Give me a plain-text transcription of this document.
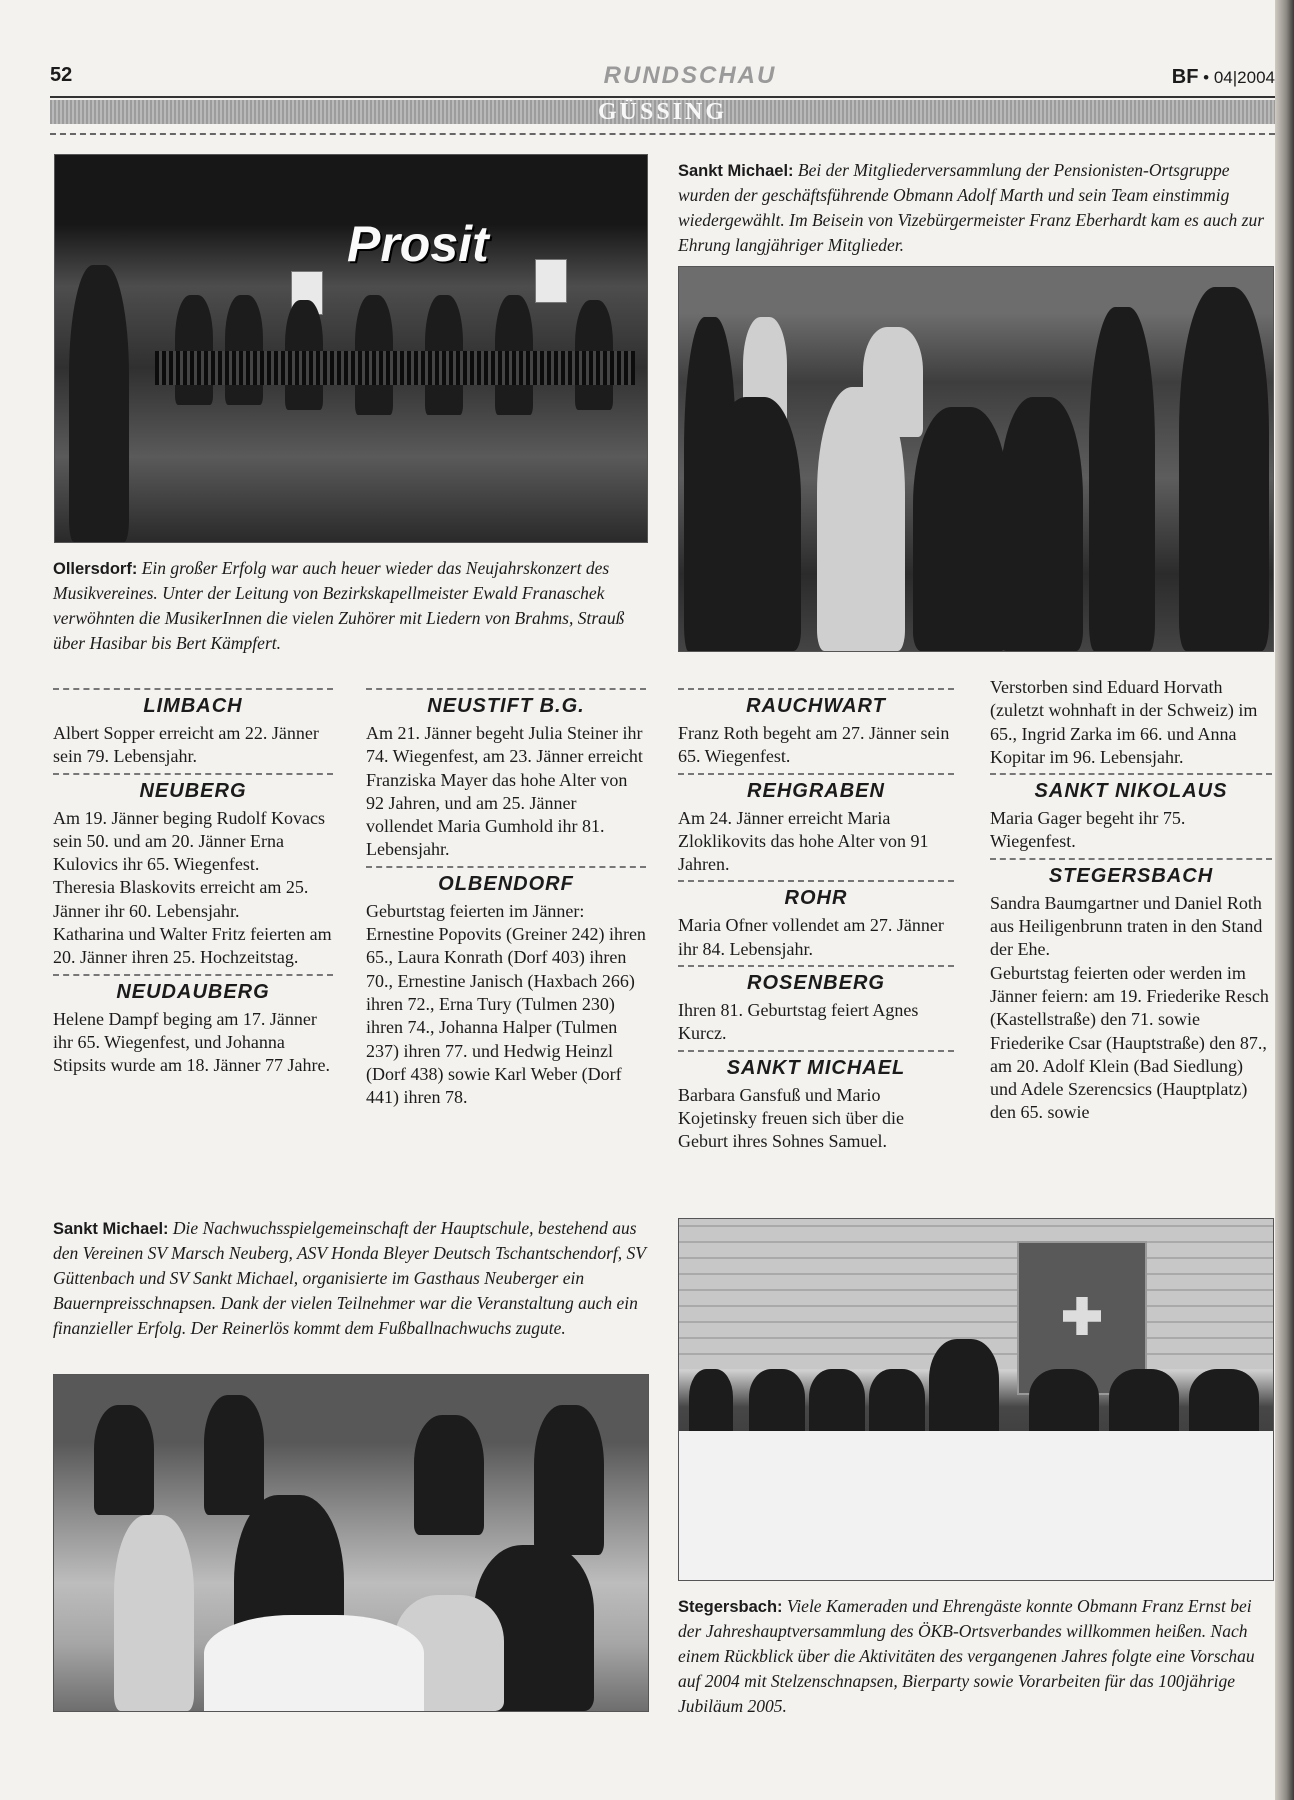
52	RUNDSCHAU	BF • 04|2004
GÜSSING
Prosit
Ollersdorf: Ein großer Erfolg war auch heuer wieder das Neujahrskonzert des Musikvereines. Unter der Leitung von Bezirkskapellmeister Ewald Franaschek verwöhnten die MusikerInnen die vielen Zuhörer mit Liedern von Brahms, Strauß über Hasibar bis Bert Kämpfert.
Sankt Michael: Bei der Mitgliederversammlung der Pensionisten-Ortsgruppe wurden der geschäftsführende Obmann Adolf Marth und sein Team einstimmig wiedergewählt. Im Beisein von Vizebürgermeister Franz Eberhardt kam es auch zur Ehrung langjähriger Mitglieder.
LIMBACH

Albert Sopper erreicht am 22. Jänner sein 79. Lebensjahr.

NEUBERG

Am 19. Jänner beging Rudolf Kovacs sein 50. und am 20. Jänner Erna Kulovics ihr 65. Wiegenfest.

Theresia Blaskovits erreicht am 25. Jänner ihr 60. Lebensjahr.

Katharina und Walter Fritz feierten am 20. Jänner ihren 25. Hochzeitstag.

NEUDAUBERG

Helene Dampf beging am 17. Jänner ihr 65. Wiegenfest, und Johanna Stipsits wurde am 18. Jänner 77 Jahre.

NEUSTIFT B.G.

Am 21. Jänner begeht Julia Steiner ihr 74. Wiegenfest, am 23. Jänner erreicht Franziska Mayer das hohe Alter von 92 Jahren, und am 25. Jänner vollendet Maria Gumhold ihr 81. Lebensjahr.

OLBENDORF

Geburtstag feierten im Jänner: Ernestine Popovits (Greiner 242) ihren 65., Laura Konrath (Dorf 403) ihren 70., Ernestine Janisch (Haxbach 266) ihren 72., Erna Tury (Tulmen 230) ihren 74., Johanna Halper (Tulmen 237) ihren 77. und Hedwig Heinzl (Dorf 438) sowie Karl Weber (Dorf 441) ihren 78.

RAUCHWART

Franz Roth begeht am 27. Jänner sein 65. Wiegenfest.

REHGRABEN

Am 24. Jänner erreicht Maria Zloklikovits das hohe Alter von 91 Jahren.

ROHR

Maria Ofner vollendet am 27. Jänner ihr 84. Lebensjahr.

ROSENBERG

Ihren 81. Geburtstag feiert Agnes Kurcz.

SANKT MICHAEL

Barbara Gansfuß und Mario Kojetinsky freuen sich über die Geburt ihres Sohnes Samuel.

Verstorben sind Eduard Horvath (zuletzt wohnhaft in der Schweiz) im 65., Ingrid Zarka im 66. und Anna Kopitar im 96. Lebensjahr.

SANKT NIKOLAUS

Maria Gager begeht ihr 75. Wiegenfest.

STEGERSBACH

Sandra Baumgartner und Daniel Roth aus Heiligenbrunn traten in den Stand der Ehe.

Geburtstag feierten oder werden im Jänner feiern: am 19. Friederike Resch (Kastellstraße) den 71. sowie Friederike Csar (Hauptstraße) den 87., am 20. Adolf Klein (Bad Siedlung) und Adele Szerencsics (Hauptplatz) den 65. sowie

Sankt Michael: Die Nachwuchsspielgemeinschaft der Hauptschule, bestehend aus den Vereinen SV Marsch Neuberg, ASV Honda Bleyer Deutsch Tschantschendorf, SV Güttenbach und SV Sankt Michael, organisierte im Gasthaus Neuberger ein Bauernpreisschnapsen. Dank der vielen Teilnehmer war die Veranstaltung auch ein finanzieller Erfolg. Der Reinerlös kommt dem Fußballnachwuchs zugute.
Stegersbach: Viele Kameraden und Ehrengäste konnte Obmann Franz Ernst bei der Jahreshauptversammlung des ÖKB-Ortsverbandes willkommen heißen. Nach einem Rückblick über die Aktivitäten des vergangenen Jahres folgte eine Vorschau auf 2004 mit Stelzenschnapsen, Bierparty sowie Vorarbeiten für das 100jährige Jubiläum 2005.
